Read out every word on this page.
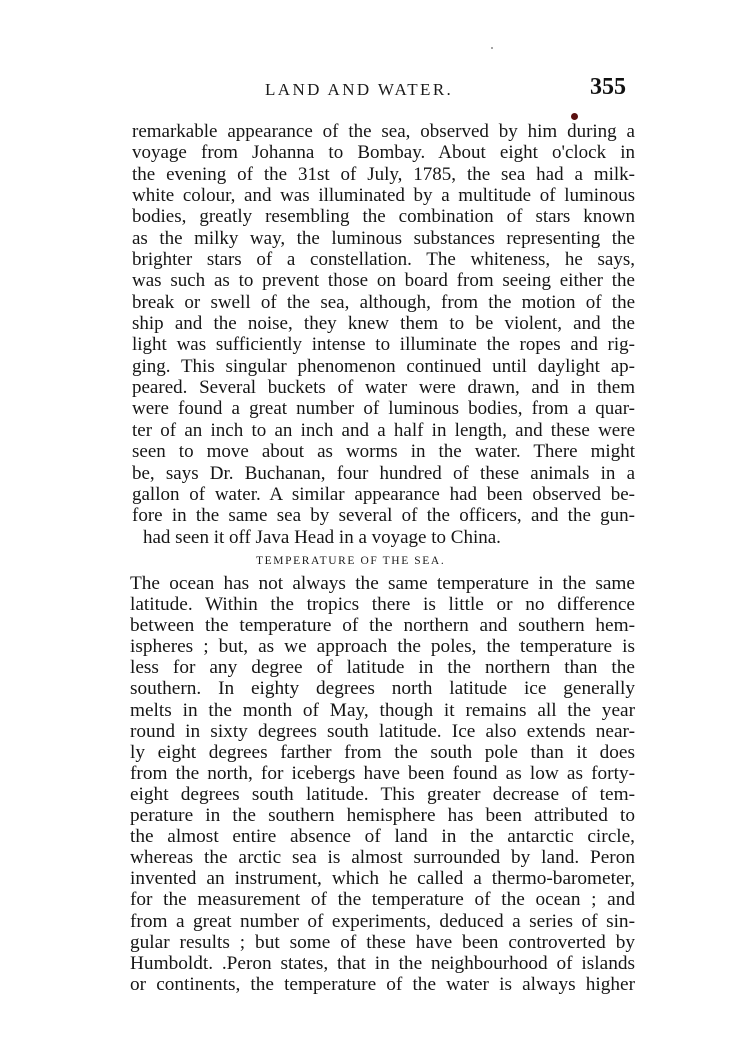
LAND AND WATER.	355
remarkable appearance of the sea, observed by him during a
voyage from Johanna to Bombay. About eight o'clock in
the evening of the 31st of July, 1785, the sea had a milk-
white colour, and was illuminated by a multitude of luminous
bodies, greatly resembling the combination of stars known
as the milky way, the luminous substances representing the
brighter stars of a constellation. The whiteness, he says,
was such as to prevent those on board from seeing either the
break or swell of the sea, although, from the motion of the
ship and the noise, they knew them to be violent, and the
light was sufficiently intense to illuminate the ropes and rig-
ging. This singular phenomenon continued until daylight ap-
peared. Several buckets of water were drawn, and in them
were found a great number of luminous bodies, from a quar-
ter of an inch to an inch and a half in length, and these were
seen to move about as worms in the water. There might
be, says Dr. Buchanan, four hundred of these animals in a
gallon of water. A similar appearance had been observed be-
fore in the same sea by several of the officers, and the gun-
had seen it off Java Head in a voyage to China.
TEMPERATURE OF THE SEA.
The ocean has not always the same temperature in the same
latitude. Within the tropics there is little or no difference
between the temperature of the northern and southern hem-
ispheres ; but, as we approach the poles, the temperature is
less for any degree of latitude in the northern than the
southern. In eighty degrees north latitude ice generally
melts in the month of May, though it remains all the year
round in sixty degrees south latitude. Ice also extends near-
ly eight degrees farther from the south pole than it does
from the north, for icebergs have been found as low as forty-
eight degrees south latitude. This greater decrease of tem-
perature in the southern hemisphere has been attributed to
the almost entire absence of land in the antarctic circle,
whereas the arctic sea is almost surrounded by land. Peron
invented an instrument, which he called a thermo-barometer,
for the measurement of the temperature of the ocean ; and
from a great number of experiments, deduced a series of sin-
gular results ; but some of these have been controverted by
Humboldt. .Peron states, that in the neighbourhood of islands
or continents, the temperature of the water is always higher
